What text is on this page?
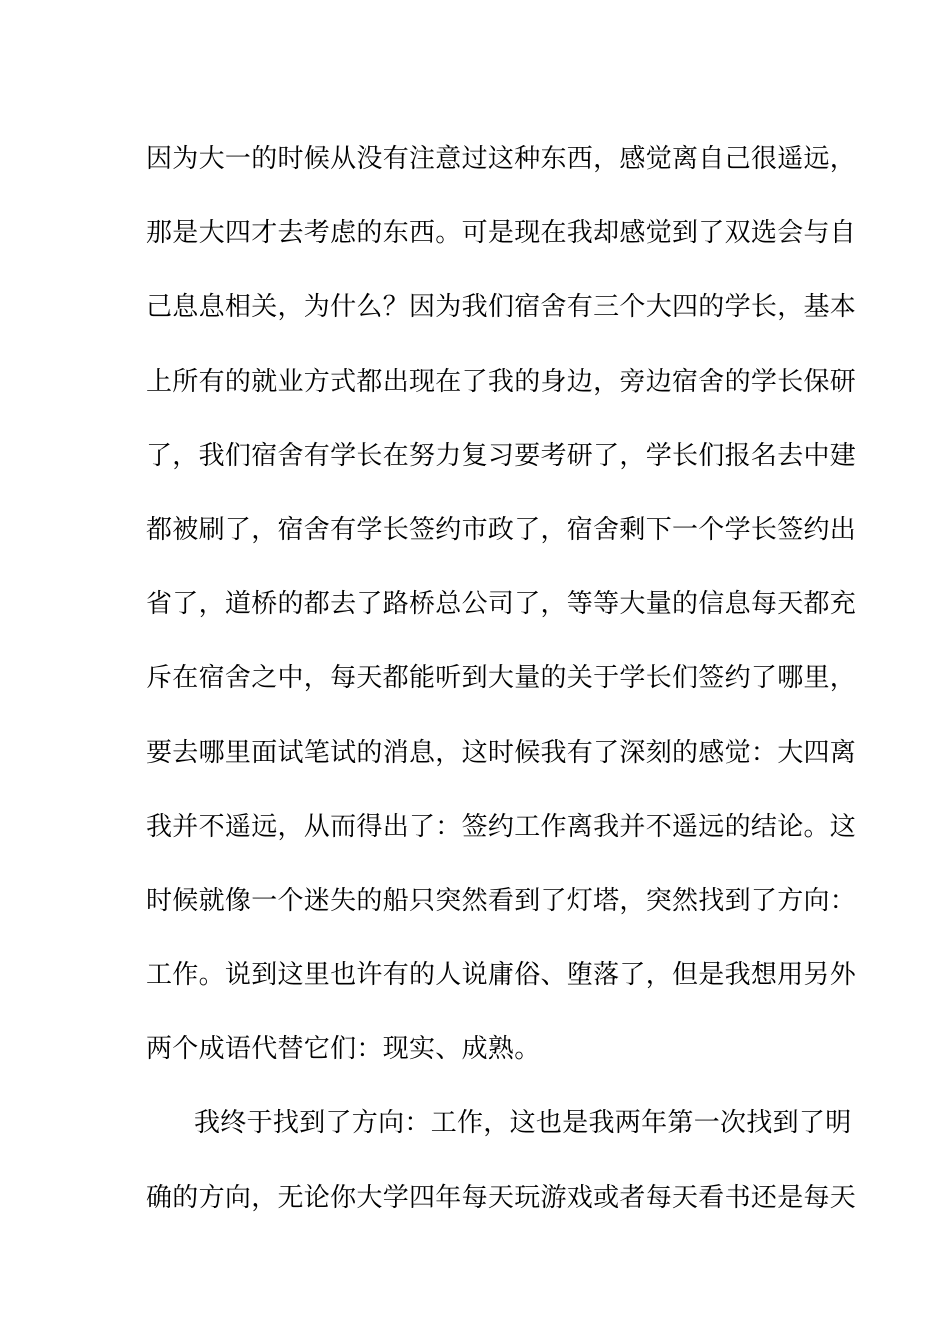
因为大一的时候从没有注意过这种东西，感觉离自己很遥远，
那是大四才去考虑的东西。可是现在我却感觉到了双选会与自
己息息相关，为什么？因为我们宿舍有三个大四的学长，基本
上所有的就业方式都出现在了我的身边，旁边宿舍的学长保研
了，我们宿舍有学长在努力复习要考研了，学长们报名去中建
都被刷了，宿舍有学长签约市政了，宿舍剩下一个学长签约出
省了，道桥的都去了路桥总公司了，等等大量的信息每天都充
斥在宿舍之中，每天都能听到大量的关于学长们签约了哪里，
要去哪里面试笔试的消息，这时候我有了深刻的感觉：大四离
我并不遥远，从而得出了：签约工作离我并不遥远的结论。这
时候就像一个迷失的船只突然看到了灯塔，突然找到了方向：
工作。说到这里也许有的人说庸俗、堕落了，但是我想用另外
两个成语代替它们：现实、成熟。
我终于找到了方向：工作，这也是我两年第一次找到了明
确的方向，无论你大学四年每天玩游戏或者每天看书还是每天
